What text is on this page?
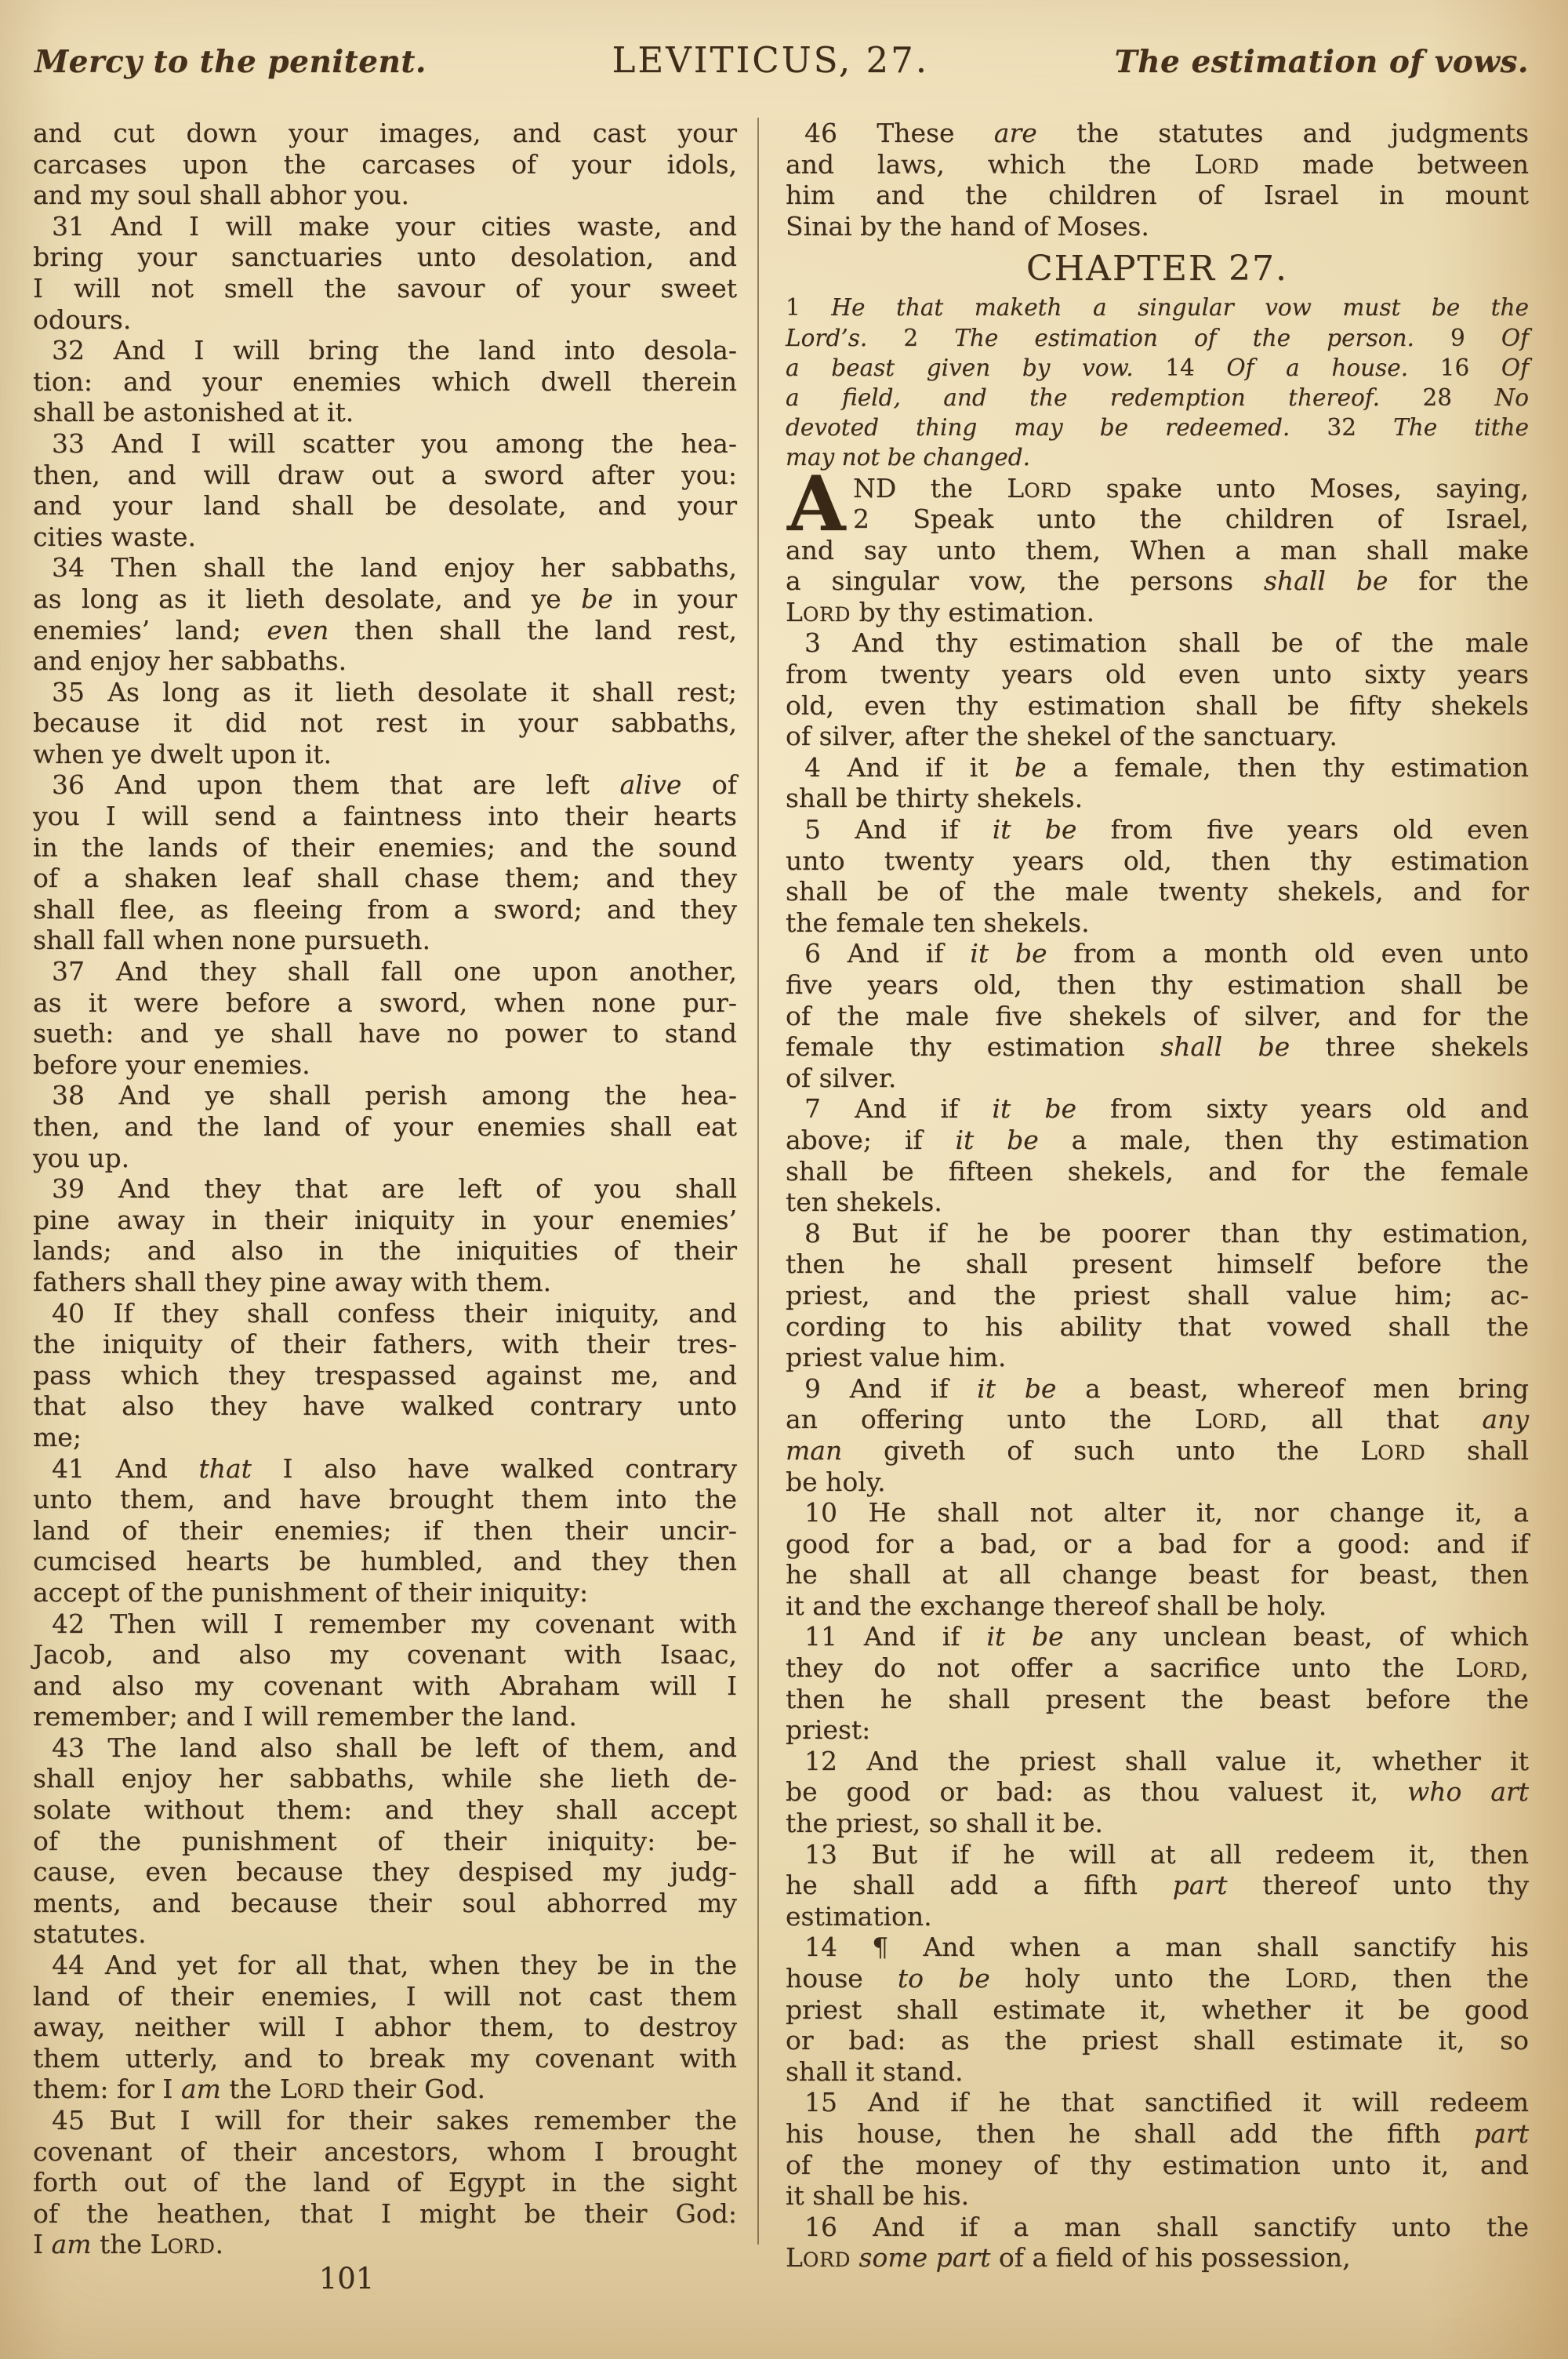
Mercy to the penitent.	LEVITICUS, 27.	The estimation of vows.
and cut down your images, and cast your
carcases upon the carcases of your idols,
and my soul shall abhor you.
31 And I will make your cities waste, and
bring your sanctuaries unto desolation, and
I will not smell the savour of your sweet
odours.
32 And I will bring the land into desola-
tion: and your enemies which dwell therein
shall be astonished at it.
33 And I will scatter you among the hea-
then, and will draw out a sword after you:
and your land shall be desolate, and your
cities waste.
34 Then shall the land enjoy her sabbaths,
as long as it lieth desolate, and ye be in your
enemies’ land; even then shall the land rest,
and enjoy her sabbaths.
35 As long as it lieth desolate it shall rest;
because it did not rest in your sabbaths,
when ye dwelt upon it.
36 And upon them that are left alive of
you I will send a faintness into their hearts
in the lands of their enemies; and the sound
of a shaken leaf shall chase them; and they
shall flee, as fleeing from a sword; and they
shall fall when none pursueth.
37 And they shall fall one upon another,
as it were before a sword, when none pur-
sueth: and ye shall have no power to stand
before your enemies.
38 And ye shall perish among the hea-
then, and the land of your enemies shall eat
you up.
39 And they that are left of you shall
pine away in their iniquity in your enemies’
lands; and also in the iniquities of their
fathers shall they pine away with them.
40 If they shall confess their iniquity, and
the iniquity of their fathers, with their tres-
pass which they trespassed against me, and
that also they have walked contrary unto
me;
41 And that I also have walked contrary
unto them, and have brought them into the
land of their enemies; if then their uncir-
cumcised hearts be humbled, and they then
accept of the punishment of their iniquity:
42 Then will I remember my covenant with
Jacob, and also my covenant with Isaac,
and also my covenant with Abraham will I
remember; and I will remember the land.
43 The land also shall be left of them, and
shall enjoy her sabbaths, while she lieth de-
solate without them: and they shall accept
of the punishment of their iniquity: be-
cause, even because they despised my judg-
ments, and because their soul abhorred my
statutes.
44 And yet for all that, when they be in the
land of their enemies, I will not cast them
away, neither will I abhor them, to destroy
them utterly, and to break my covenant with
them: for I am the LORD their God.
45 But I will for their sakes remember the
covenant of their ancestors, whom I brought
forth out of the land of Egypt in the sight
of the heathen, that I might be their God:
I am the LORD.
46 These are the statutes and judgments
and laws, which the LORD made between
him and the children of Israel in mount
Sinai by the hand of Moses.
CHAPTER 27.
1 He that maketh a singular vow must be the
Lord’s. 2 The estimation of the person. 9 Of
a beast given by vow. 14 Of a house. 16 Of
a field, and the redemption thereof. 28 No
devoted thing may be redeemed. 32 The tithe
may not be changed.
A ND the LORD spake unto Moses, saying,
2 Speak unto the children of Israel,
and say unto them, When a man shall make
a singular vow, the persons shall be for the
LORD by thy estimation.
3 And thy estimation shall be of the male
from twenty years old even unto sixty years
old, even thy estimation shall be fifty shekels
of silver, after the shekel of the sanctuary.
4 And if it be a female, then thy estimation
shall be thirty shekels.
5 And if it be from five years old even
unto twenty years old, then thy estimation
shall be of the male twenty shekels, and for
the female ten shekels.
6 And if it be from a month old even unto
five years old, then thy estimation shall be
of the male five shekels of silver, and for the
female thy estimation shall be three shekels
of silver.
7 And if it be from sixty years old and
above; if it be a male, then thy estimation
shall be fifteen shekels, and for the female
ten shekels.
8 But if he be poorer than thy estimation,
then he shall present himself before the
priest, and the priest shall value him; ac-
cording to his ability that vowed shall the
priest value him.
9 And if it be a beast, whereof men bring
an offering unto the LORD, all that any
man giveth of such unto the LORD shall
be holy.
10 He shall not alter it, nor change it, a
good for a bad, or a bad for a good: and if
he shall at all change beast for beast, then
it and the exchange thereof shall be holy.
11 And if it be any unclean beast, of which
they do not offer a sacrifice unto the LORD,
then he shall present the beast before the
priest:
12 And the priest shall value it, whether it
be good or bad: as thou valuest it, who art
the priest, so shall it be.
13 But if he will at all redeem it, then
he shall add a fifth part thereof unto thy
estimation.
14 ¶ And when a man shall sanctify his
house to be holy unto the LORD, then the
priest shall estimate it, whether it be good
or bad: as the priest shall estimate it, so
shall it stand.
15 And if he that sanctified it will redeem
his house, then he shall add the fifth part
of the money of thy estimation unto it, and
it shall be his.
16 And if a man shall sanctify unto the
LORD some part of a field of his possession,
101
